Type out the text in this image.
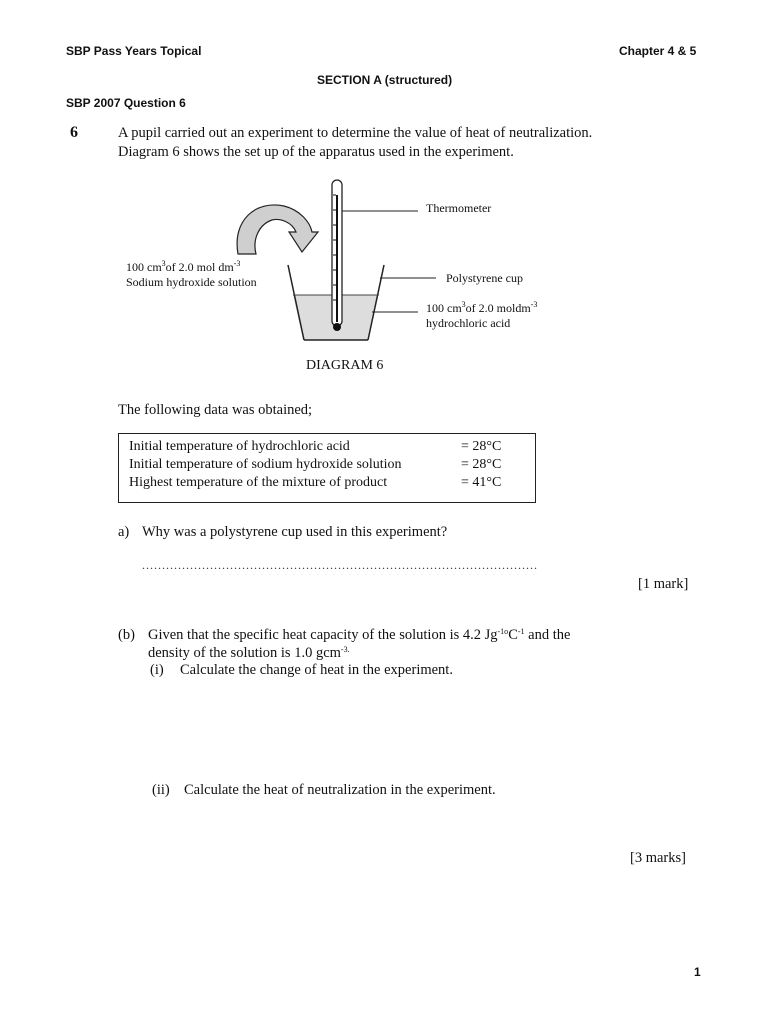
SBP Pass Years Topical	Chapter 4 & 5
SECTION A (structured)
SBP 2007 Question 6
6	A pupil carried out an experiment to determine the value of heat of neutralization.
Diagram 6 shows the set up of the apparatus used in the experiment.
Thermometer
100 $cm^3of$ 2.0 mol $dm^{-3}$
Sodium hydroxide solution	Polystyrene cup
100 $cm^3of$ 2.0 moldm$^{-3}$
hydrochloric acid
DIAGRAM 6
The following data was obtained;
Initial temperature of hydrochloric acid	= 28°C
Initial temperature of sodium hydroxide solution	= 28°C
Highest temperature of the mixture of product	= 41°C
a) Why was a polystyrene cup used in this experiment?
...................................................................................................
[1 mark]
(b) Given that the specific heat capacity of the solution is 4.2 $Jg^{-1o}C^{-1}$ and the
density of the solution is 1.0 gcm$^{-3.}$
(i) Calculate the change of heat in the experiment.
(ii) Calculate the heat of neutralization in the experiment.
[3 marks]
1
